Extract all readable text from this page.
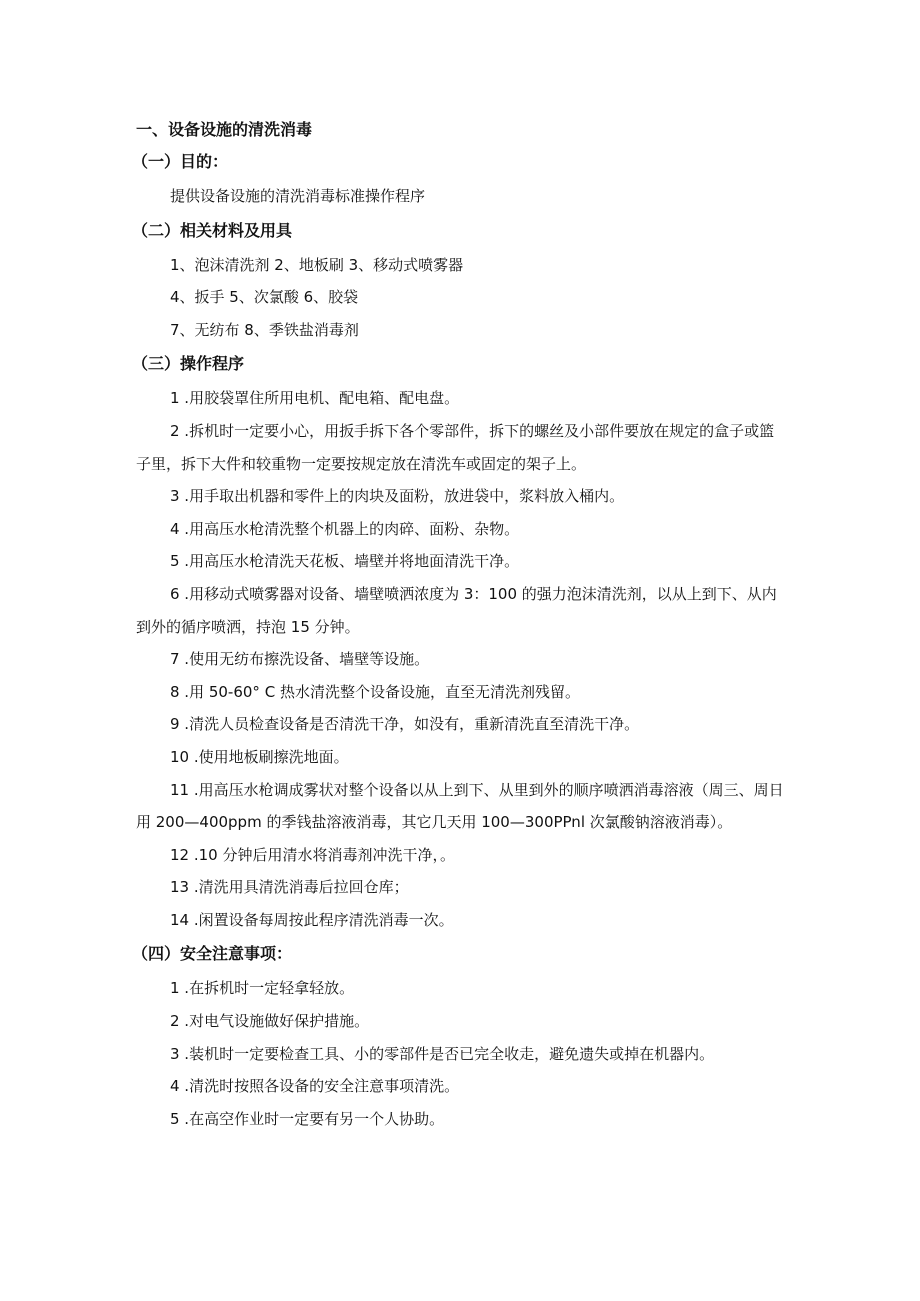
一、设备设施的清洗消毒
（一）目的：

提供设备设施的清洗消毒标准操作程序

（二）相关材料及用具

1、泡沫清洗剂 2、地板刷 3、移动式喷雾器

4、扳手 5、次氯酸 6、胶袋

7、无纺布 8、季铁盐消毒剂

（三）操作程序

1 .用胶袋罩住所用电机、配电箱、配电盘。

2 .拆机时一定要小心，用扳手拆下各个零部件，拆下的螺丝及小部件要放在规定的盒子或篮子里，拆下大件和较重物一定要按规定放在清洗车或固定的架子上。

3 .用手取出机器和零件上的肉块及面粉，放进袋中，浆料放入桶内。

4 .用高压水枪清洗整个机器上的肉碎、面粉、杂物。

5 .用高压水枪清洗天花板、墙壁并将地面清洗干净。

6 .用移动式喷雾器对设备、墙壁喷洒浓度为 3：100 的强力泡沫清洗剂，以从上到下、从内到外的循序喷洒，持泡 15 分钟。

7 .使用无纺布擦洗设备、墙壁等设施。

8 .用 50-60° C 热水清洗整个设备设施，直至无清洗剂残留。

9 .清洗人员检查设备是否清洗干净，如没有，重新清洗直至清洗干净。

10 .使用地板刷擦洗地面。

11 .用高压水枪调成雾状对整个设备以从上到下、从里到外的顺序喷洒消毒溶液（周三、周日用 200—400ppm 的季钱盐溶液消毒，其它几天用 100—300PPnl 次氯酸钠溶液消毒）。

12 .10 分钟后用清水将消毒剂冲洗干净，。

13 .清洗用具清洗消毒后拉回仓库；

14 .闲置设备每周按此程序清洗消毒一次。

（四）安全注意事项：

1 .在拆机时一定轻拿轻放。

2 .对电气设施做好保护措施。

3 .装机时一定要检查工具、小的零部件是否已完全收走，避免遗失或掉在机器内。

4 .清洗时按照各设备的安全注意事项清洗。

5 .在高空作业时一定要有另一个人协助。
